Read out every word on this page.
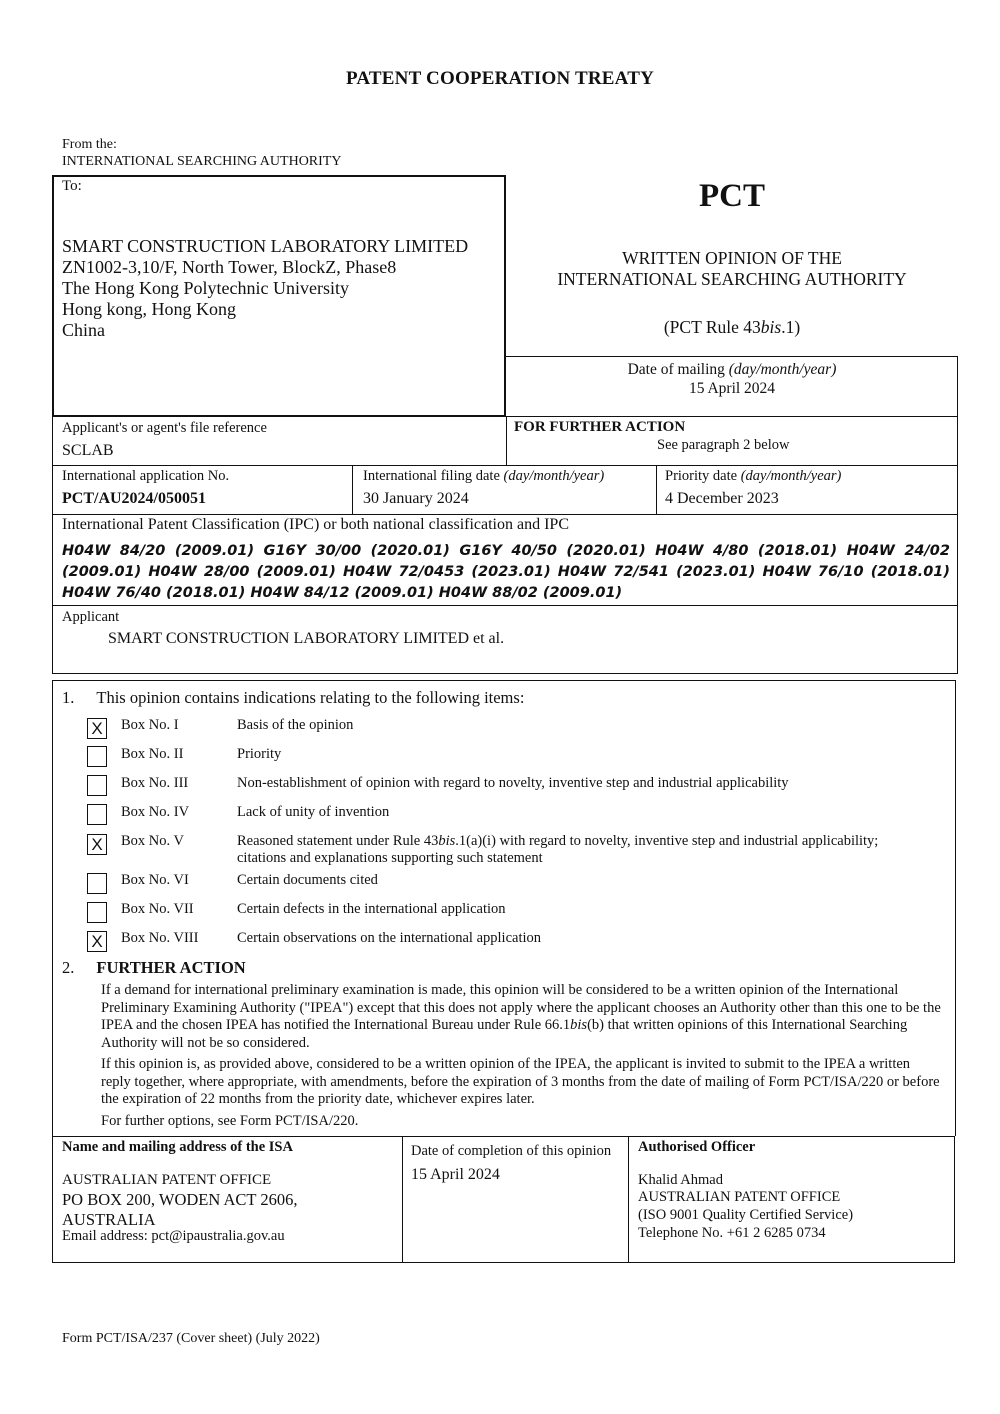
PATENT COOPERATION TREATY
From the:
INTERNATIONAL SEARCHING AUTHORITY
To:
SMART CONSTRUCTION LABORATORY LIMITED
ZN1002-3,10/F, North Tower, BlockZ, Phase8
The Hong Kong Polytechnic University
Hong kong, Hong Kong
China
PCT
WRITTEN OPINION OF THE
INTERNATIONAL SEARCHING AUTHORITY
(PCT Rule 43bis.1)
Date of mailing (day/month/year)
15 April 2024
Applicant's or agent's file reference
SCLAB
FOR FURTHER ACTION
See paragraph 2 below
International application No.
PCT/AU2024/050051
International filing date (day/month/year)
30 January 2024
Priority date (day/month/year)
4 December 2023
International Patent Classification (IPC) or both national classification and IPC
H04W 84/20 (2009.01) G16Y 30/00 (2020.01) G16Y 40/50 (2020.01) H04W 4/80 (2018.01) H04W 24/02 (2009.01) H04W 28/00 (2009.01) H04W 72/0453 (2023.01) H04W 72/541 (2023.01) H04W 76/10 (2018.01) H04W 76/40 (2018.01) H04W 84/12 (2009.01) H04W 88/02 (2009.01)
Applicant
SMART CONSTRUCTION LABORATORY LIMITED et al.
1. This opinion contains indications relating to the following items:
X Box No. I	Basis of the opinion
Box No. II	Priority
Box No. III	Non-establishment of opinion with regard to novelty, inventive step and industrial applicability
Box No. IV	Lack of unity of invention
X Box No. V	Reasoned statement under Rule 43bis.1(a)(i) with regard to novelty, inventive step and industrial applicability;
citations and explanations supporting such statement
Box No. VI	Certain documents cited
Box No. VII	Certain defects in the international application
X Box No. VIII	Certain observations on the international application
2. FURTHER ACTION
If a demand for international preliminary examination is made, this opinion will be considered to be a written opinion of the International Preliminary Examining Authority ("IPEA") except that this does not apply where the applicant chooses an Authority other than this one to be the IPEA and the chosen IPEA has notified the International Bureau under Rule 66.1bis(b) that written opinions of this International Searching Authority will not be so considered.
If this opinion is, as provided above, considered to be a written opinion of the IPEA, the applicant is invited to submit to the IPEA a written reply together, where appropriate, with amendments, before the expiration of 3 months from the date of mailing of Form PCT/ISA/220 or before the expiration of 22 months from the priority date, whichever expires later.
For further options, see Form PCT/ISA/220.
Name and mailing address of the ISA
AUSTRALIAN PATENT OFFICE
PO BOX 200, WODEN ACT 2606,
AUSTRALIA
Email address: pct@ipaustralia.gov.au
Date of completion of this opinion
15 April 2024
Authorised Officer
Khalid Ahmad
AUSTRALIAN PATENT OFFICE
(ISO 9001 Quality Certified Service)
Telephone No. +61 2 6285 0734
Form PCT/ISA/237 (Cover sheet) (July 2022)
